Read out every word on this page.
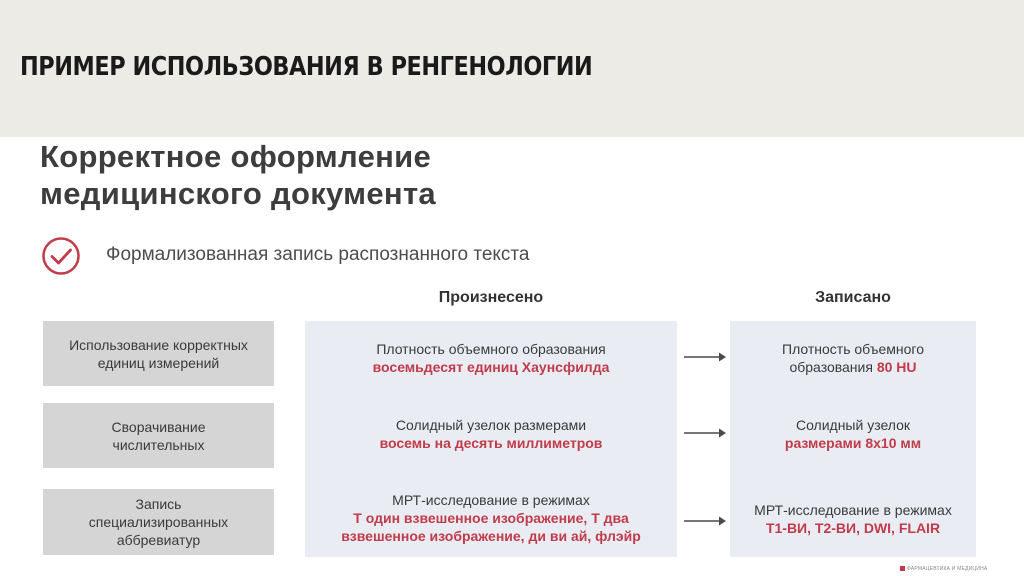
ПРИМЕР ИСПОЛЬЗОВАНИЯ В РЕНГЕНОЛОГИИ
Корректное оформление
медицинского документа
Формализованная запись распознанного текста
Произнесено	Записано
Использование корректных
единиц измерений
Сворачивание
числительных
Запись
специализированных
аббревиатур
Плотность объемного образования
восемьдесят единиц Хаунсфилда
Солидный узелок размерами
восемь на десять миллиметров
МРТ-исследование в режимах
Т один взвешенное изображение, Т два
взвешенное изображение, ди ви ай, флэйр
Плотность объемного
образования 80 HU
Солидный узелок
размерами 8x10 мм
МРТ-исследование в режимах
Т1-ВИ, Т2-ВИ, DWI, FLAIR
ФАРМАЦЕВТИКА И МЕДИЦИНА
